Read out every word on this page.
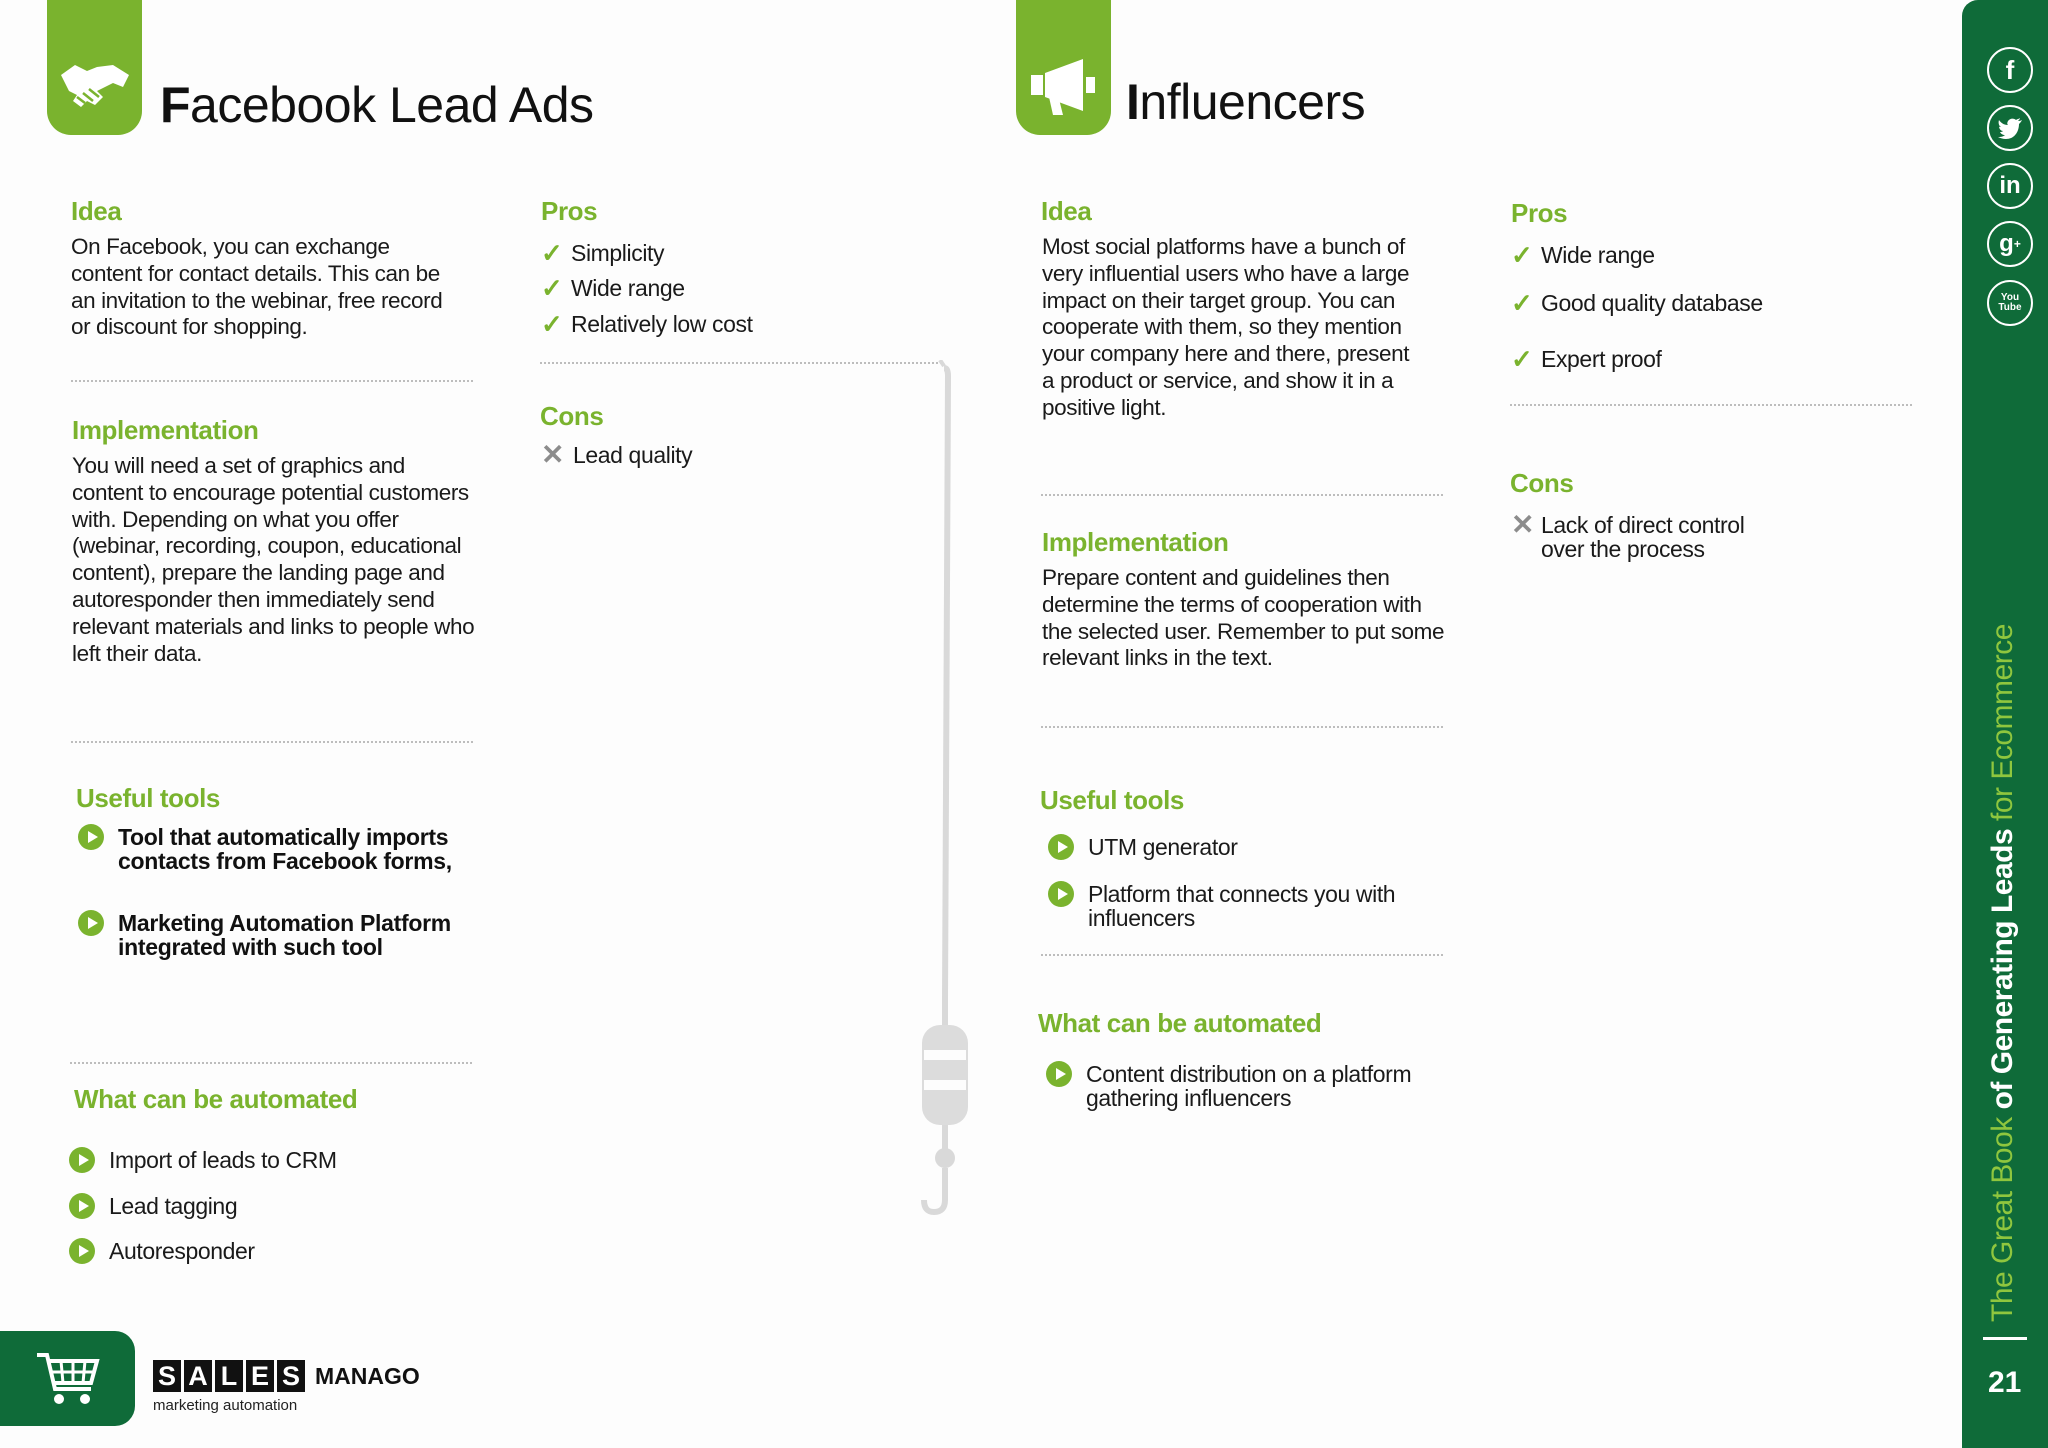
Facebook Lead Ads
Idea
On Facebook, you can exchange
content for contact details. This can be
an invitation to the webinar, free record
or discount for shopping.
Implementation
You will need a set of graphics and
content to encourage potential customers
with. Depending on what you offer
(webinar, recording, coupon, educational
content), prepare the landing page and
autoresponder then immediately send
relevant materials and links to people who
left their data.
Useful tools
Tool that automatically imports
contacts from Facebook forms,
Marketing Automation Platform
integrated with such tool
What can be automated
Import of leads to CRM
Lead tagging
Autoresponder
Pros
✓ Simplicity
✓ Wide range
✓ Relatively low cost
Cons
✕ Lead quality
Influencers
Idea
Most social platforms have a bunch of
very influential users who have a large
impact on their target group. You can
cooperate with them, so they mention
your company here and there, present
a product or service, and show it in a
positive light.
Implementation
Prepare content and guidelines then
determine the terms of cooperation with
the selected user. Remember to put some
relevant links in the text.
Useful tools
UTM generator
Platform that connects you with
influencers
What can be automated
Content distribution on a platform
gathering influencers
Pros
✓ Wide range
✓ Good quality database
✓ Expert proof
Cons
✕ Lack of direct control
over the process
f
in
g +
You
Tube
The Great Book of Generating Leads for Ecommerce
21
S A L E S MANAGO
marketing automation
